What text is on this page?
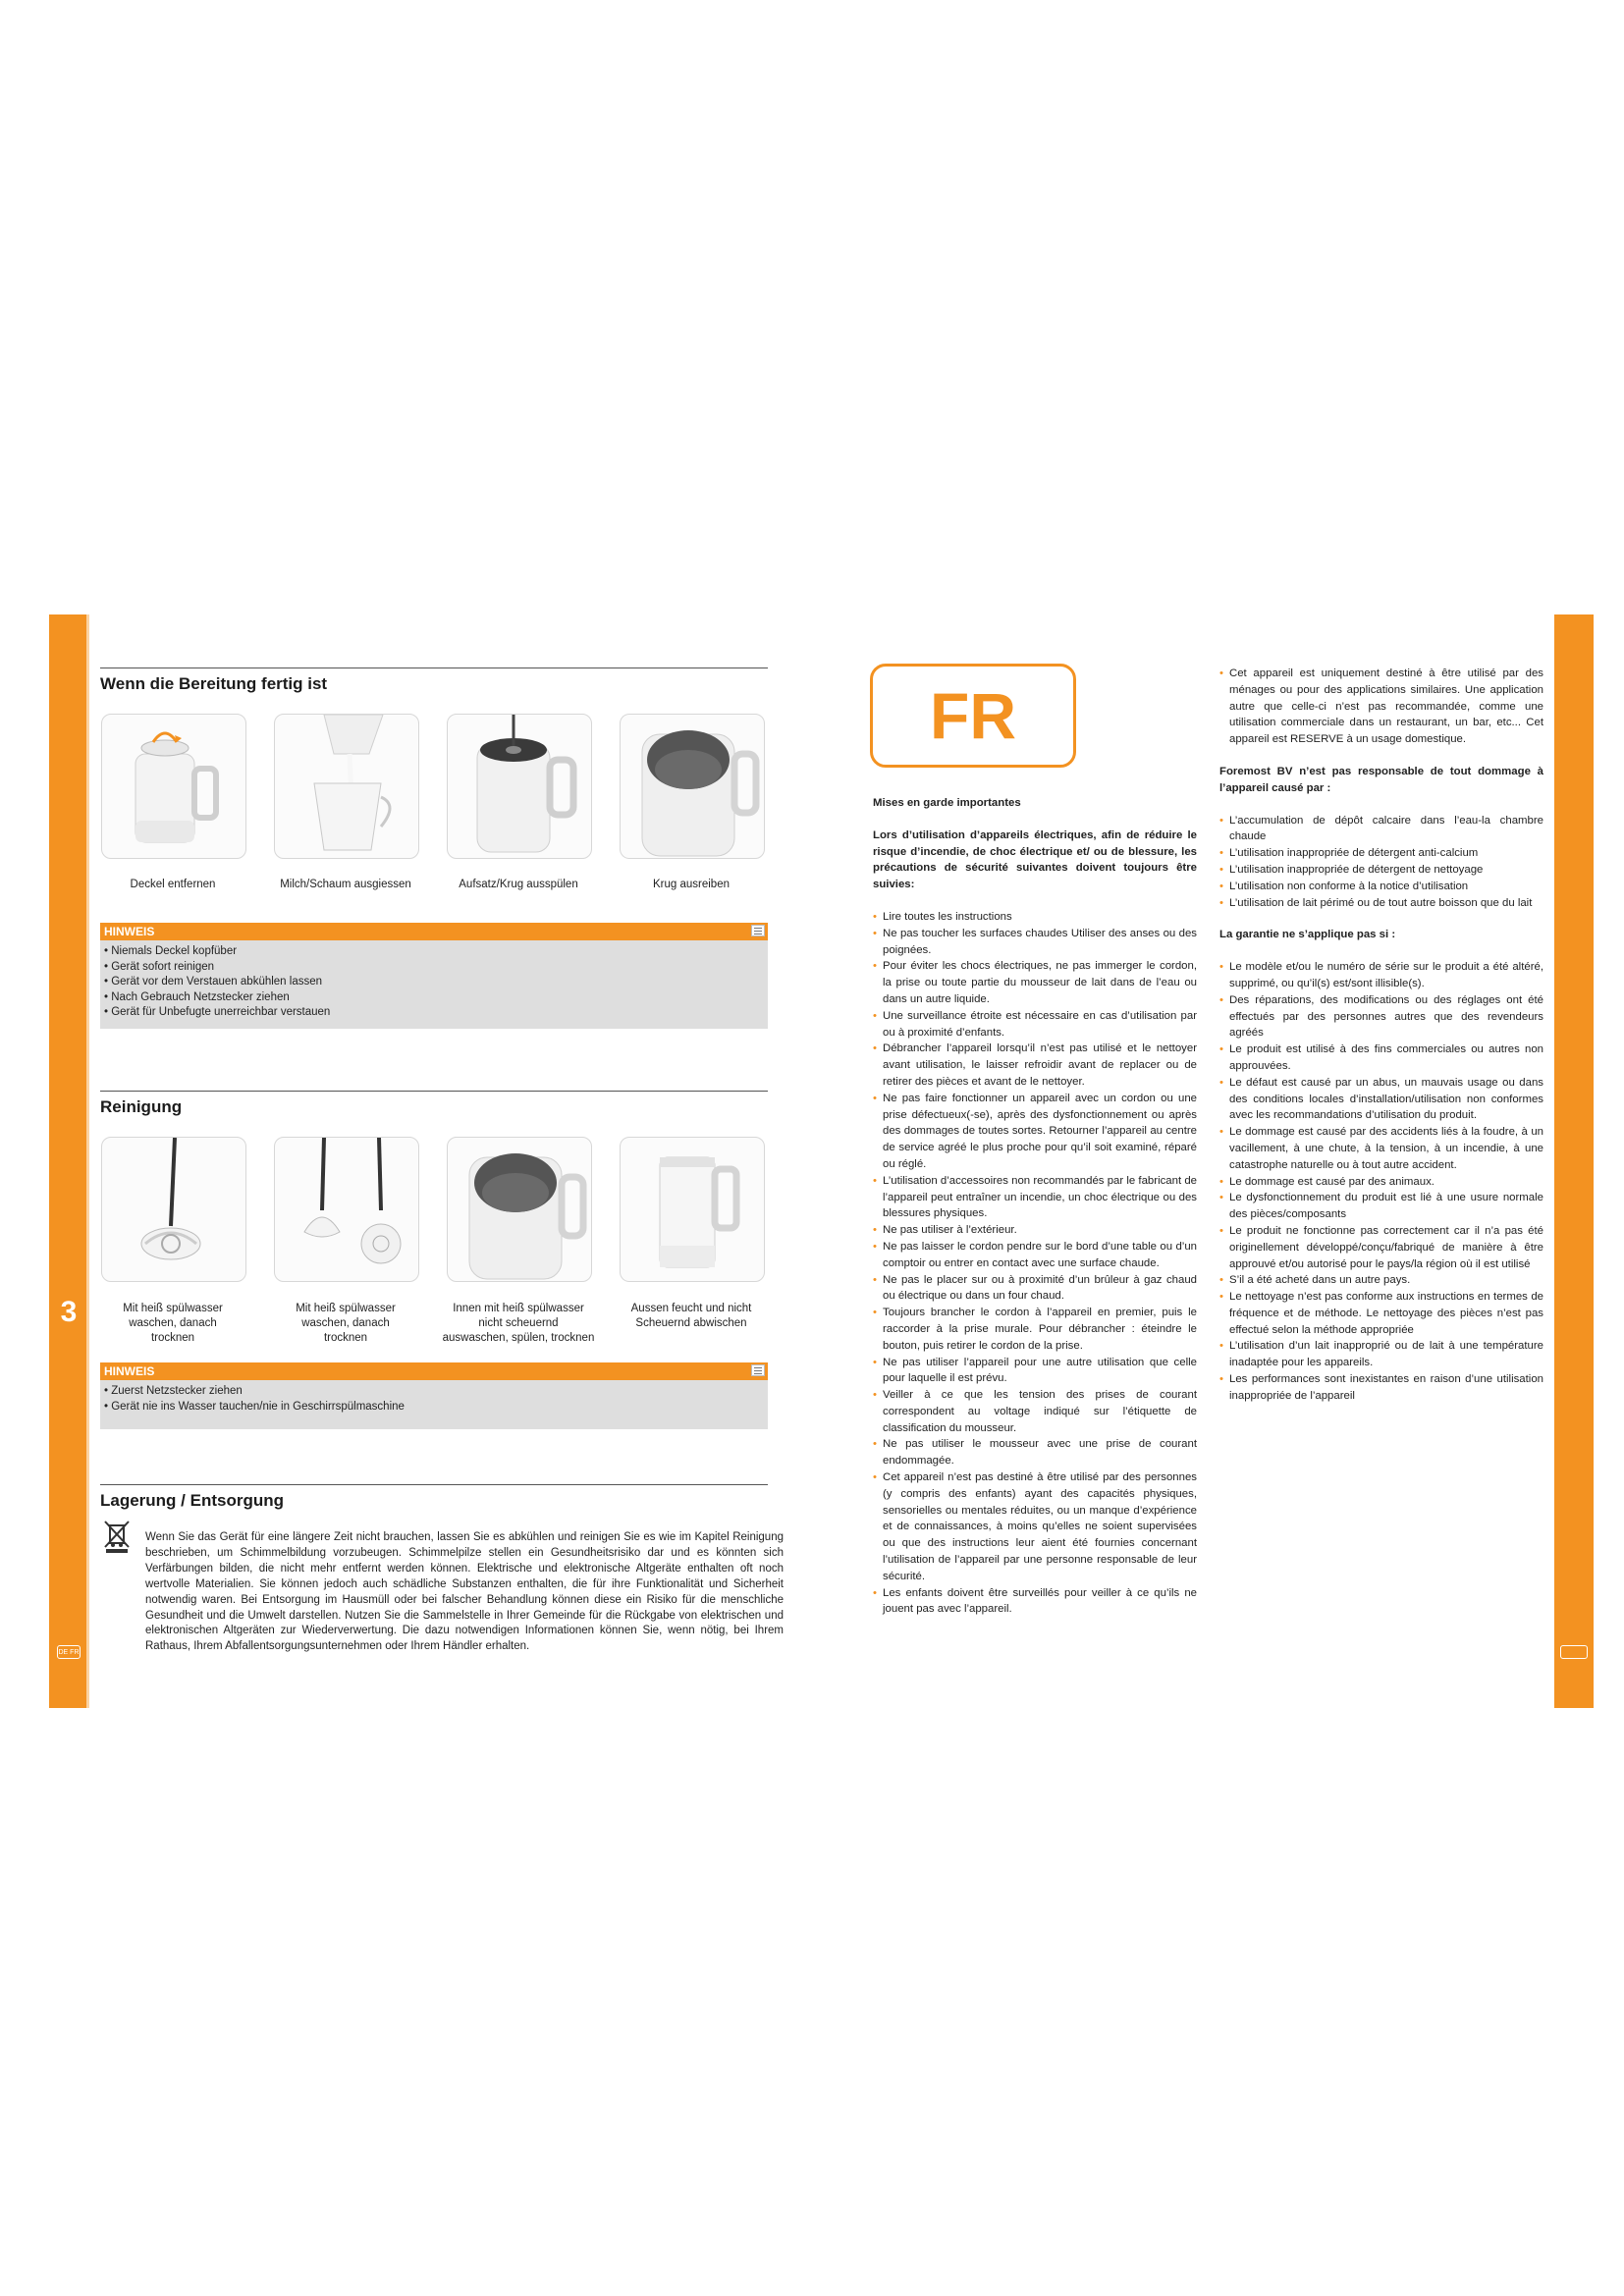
3
4
5
DE FR
Wenn die Bereitung fertig ist
Deckel entfernen	Milch/Schaum ausgiessen	Aufsatz/Krug ausspülen	Krug ausreiben
HINWEIS
• Niemals Deckel kopfüber
• Gerät sofort reinigen
• Gerät vor dem Verstauen abkühlen lassen
• Nach Gebrauch Netzstecker ziehen
• Gerät für Unbefugte unerreichbar verstauen
Reinigung
Mit heiß spülwasser
waschen, danach
trocknen
Mit heiß spülwasser
waschen, danach
trocknen
Innen mit heiß spülwasser
nicht scheuernd
auswaschen, spülen, trocknen
Aussen feucht und nicht
Scheuernd abwischen
HINWEIS
• Zuerst Netzstecker ziehen
• Gerät nie ins Wasser tauchen/nie in Geschirrspülmaschine
Lagerung / Entsorgung
Wenn Sie das Gerät für eine längere Zeit nicht brauchen, lassen Sie es abkühlen und reinigen Sie es wie im Kapitel Reinigung beschrieben, um Schimmelbildung vorzubeugen. Schimmelpilze stellen ein Gesundheitsrisiko dar und es könnten sich Verfärbungen bilden, die nicht mehr entfernt werden können. Elektrische und elektronische Altgeräte enthalten oft noch wertvolle Materialien. Sie können jedoch auch schädliche Substanzen enthalten, die für ihre Funktionalität und Sicherheit notwendig waren. Bei Entsorgung im Hausmüll oder bei falscher Behandlung können diese ein Risiko für die menschliche Gesundheit und die Umwelt darstellen. Nutzen Sie die Sammelstelle in Ihrer Gemeinde für die Rückgabe von elektrischen und elektronischen Altgeräten zur Wiederverwertung. Die dazu notwendigen Informationen können Sie, wenn nötig, bei Ihrem Rathaus, Ihrem Abfallentsorgungsunternehmen oder Ihrem Händler erhalten.
FR

Mises en garde importantes

Lors d’utilisation d’appareils électriques, afin de réduire le risque d’incendie, de choc électrique et/ ou de blessure, les précautions de sécurité suivantes doivent toujours être suivies:

• Lire toutes les instructions
• Ne pas toucher les surfaces chaudes Utiliser des anses ou des poignées.
• Pour éviter les chocs électriques, ne pas immerger le cordon, la prise ou toute partie du mousseur de lait dans de l’eau ou dans un autre liquide.
• Une surveillance étroite est nécessaire en cas d’utilisation par ou à proximité d’enfants.
• Débrancher l’appareil lorsqu’il n’est pas utilisé et le nettoyer avant utilisation, le laisser refroidir avant de replacer ou de retirer des pièces et avant de le nettoyer.
• Ne pas faire fonctionner un appareil avec un cordon ou une prise défectueux(-se), après des dysfonctionnement ou après des dommages de toutes sortes. Retourner l’appareil au centre de service agréé le plus proche pour qu’il soit examiné, réparé ou réglé.
• L’utilisation d’accessoires non recommandés par le fabricant de l’appareil peut entraîner un incendie, un choc électrique ou des blessures physiques.
• Ne pas utiliser à l’extérieur.
• Ne pas laisser le cordon pendre sur le bord d’une table ou d’un comptoir ou entrer en contact avec une surface chaude.
• Ne pas le placer sur ou à proximité d’un brûleur à gaz chaud ou électrique ou dans un four chaud.
• Toujours brancher le cordon à l’appareil en premier, puis le raccorder à la prise murale. Pour débrancher : éteindre le bouton, puis retirer le cordon de la prise.
• Ne pas utiliser l’appareil pour une autre utilisation que celle pour laquelle il est prévu.
• Veiller à ce que les tension des prises de courant correspondent au voltage indiqué sur l’étiquette de classification du mousseur.
• Ne pas utiliser le mousseur avec une prise de courant endommagée.
• Cet appareil n’est pas destiné à être utilisé par des personnes (y compris des enfants) ayant des capacités physiques, sensorielles ou mentales réduites, ou un manque d’expérience et de connaissances, à moins qu’elles ne soient supervisées ou que des instructions leur aient été fournies concernant l’utilisation de l’appareil par une personne responsable de leur sécurité.
• Les enfants doivent être surveillés pour veiller à ce qu’ils ne jouent pas avec l’appareil.
• Cet appareil est uniquement destiné à être utilisé par des ménages ou pour des applications similaires. Une application autre que celle-ci n’est pas recommandée, comme une utilisation commerciale dans un restaurant, un bar, etc... Cet appareil est RESERVE à un usage domestique.

Foremost BV n’est pas responsable de tout dommage à l’appareil causé par :

• L’accumulation de dépôt calcaire dans l’eau-la chambre chaude
• L’utilisation inappropriée de détergent anti-calcium
• L’utilisation inappropriée de détergent de nettoyage
• L’utilisation non conforme à la notice d’utilisation
• L’utilisation de lait périmé ou de tout autre boisson que du lait

La garantie ne s’applique pas si :

• Le modèle et/ou le numéro de série sur le produit a été altéré, supprimé, ou qu’il(s) est/sont illisible(s).
• Des réparations, des modifications ou des réglages ont été effectués par des personnes autres que des revendeurs agréés
• Le produit est utilisé à des fins commerciales ou autres non approuvées.
• Le défaut est causé par un abus, un mauvais usage ou dans des conditions locales d’installation/utilisation non conformes avec les recommandations d’utilisation du produit.
• Le dommage est causé par des accidents liés à la foudre, à un vacillement, à une chute, à la tension, à un incendie, à une catastrophe naturelle ou à tout autre accident.
• Le dommage est causé par des animaux.
• Le dysfonctionnement du produit est lié à une usure normale des pièces/composants
• Le produit ne fonctionne pas correctement car il n’a pas été originellement développé/conçu/fabriqué de manière à être approuvé et/ou autorisé pour le pays/la région où il est utilisé
• S’il a été acheté dans un autre pays.
• Le nettoyage n’est pas conforme aux instructions en termes de fréquence et de méthode. Le nettoyage des pièces n’est pas effectué selon la méthode appropriée
• L’utilisation d’un lait inapproprié ou de lait à une température inadaptée pour les appareils.
• Les performances sont inexistantes en raison d’une utilisation inappropriée de l’appareil
